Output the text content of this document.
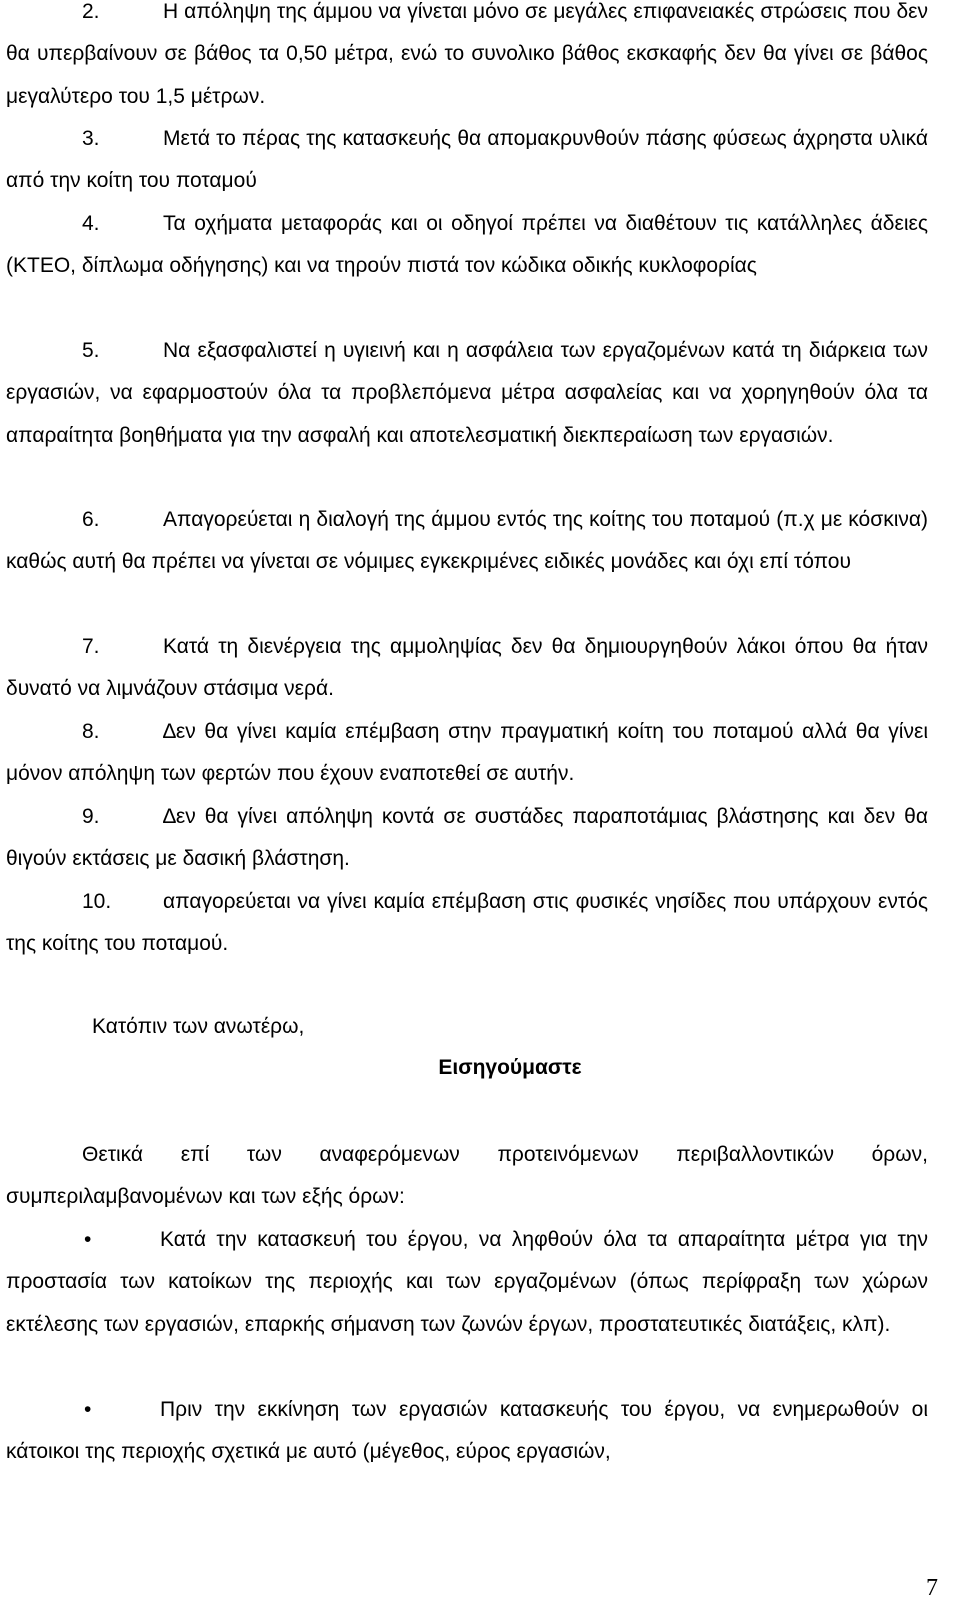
2.	Η απόληψη της άμμου να γίνεται μόνο σε μεγάλες επιφανειακές στρώσεις που δεν θα υπερβαίνουν σε βάθος τα 0,50 μέτρα, ενώ το συνολικο βάθος εκσκαφής δεν θα γίνει σε βάθος μεγαλύτερο του 1,5 μέτρων.

3.	Μετά το πέρας της κατασκευής θα απομακρυνθούν πάσης φύσεως άχρηστα υλικά από την κοίτη του ποταμού

4.	Τα οχήματα μεταφοράς και οι οδηγοί πρέπει να διαθέτουν τις κατάλληλες άδειες (ΚΤΕΟ, δίπλωμα οδήγησης) και να τηρούν πιστά τον κώδικα οδικής κυκλοφορίας

5.	Να εξασφαλιστεί η υγιεινή και η ασφάλεια των εργαζομένων κατά τη διάρκεια των εργασιών, να εφαρμοστούν όλα τα προβλεπόμενα μέτρα ασφαλείας και να χορηγηθούν όλα τα απαραίτητα βοηθήματα για την ασφαλή και αποτελεσματική διεκπεραίωση των εργασιών.

6.	Απαγορεύεται η διαλογή της άμμου εντός της κοίτης του ποταμού (π.χ με κόσκινα) καθώς αυτή θα πρέπει να γίνεται σε νόμιμες εγκεκριμένες ειδικές μονάδες και όχι επί τόπου

7.	Κατά τη διενέργεια της αμμοληψίας δεν θα δημιουργηθούν λάκοι όπου θα ήταν δυνατό να λιμνάζουν στάσιμα νερά.

8.	∆εν θα γίνει καμία επέμβαση στην πραγματική κοίτη του ποταμού αλλά θα γίνει μόνον απόληψη των φερτών που έχουν εναποτεθεί σε αυτήν.

9.	∆εν θα γίνει απόληψη κοντά σε συστάδες παραποτάμιας βλάστησης και δεν θα θιγούν εκτάσεις με δασική βλάστηση.

10. απαγορεύεται να γίνει καμία επέμβαση στις φυσικές νησίδες που υπάρχουν εντός της κοίτης του ποταμού.

Κατόπιν των ανωτέρω,
Εισηγούμαστε

Θετικά επί των αναφερόμενων προτεινόμενων περιβαλλοντικών όρων, συμπεριλαμβανομένων και των εξής όρων:

•	Κατά την κατασκευή του έργου, να ληφθούν όλα τα απαραίτητα μέτρα για την προστασία των κατοίκων της περιοχής και των εργαζομένων (όπως περίφραξη των χώρων εκτέλεσης των εργασιών, επαρκής σήμανση των ζωνών έργων, προστατευτικές διατάξεις, κλπ).

•	Πριν την εκκίνηση των εργασιών κατασκευής του έργου, να ενημερωθούν οι κάτοικοι της περιοχής σχετικά με αυτό (μέγεθος, εύρος εργασιών,

7
